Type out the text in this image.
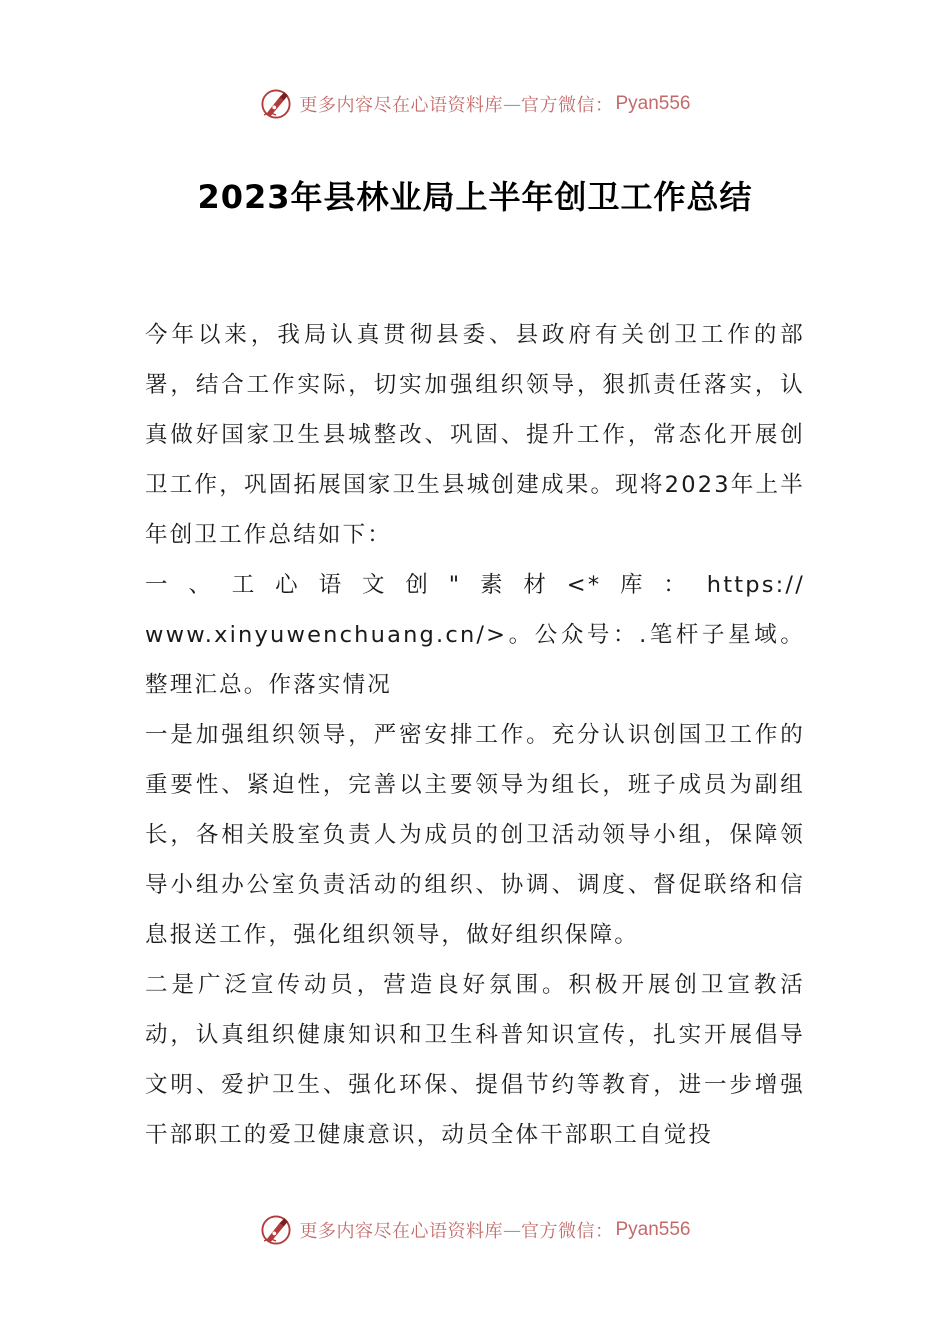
更多内容尽在心语资料库 — 官方微信： Pyan556
2023年县林业局上半年创卫工作总结

今年以来，我局认真贯彻县委、县政府有关创卫工作的部署，结合工作实际，切实加强组织领导，狠抓责任落实，认真做好国家卫生县城整改、巩固、提升工作，常态化开展创卫工作，巩固拓展国家卫生县城创建成果。现将2023年上半年创卫工作总结如下：

一、工心语文创"素材<*库：https://

www.xinyuwenchuang.cn/>。公众号：.笔杆子星域。整理汇总。作落实情况

一是加强组织领导，严密安排工作。充分认识创国卫工作的重要性、紧迫性，完善以主要领导为组长，班子成员为副组长，各相关股室负责人为成员的创卫活动领导小组，保障领导小组办公室负责活动的组织、协调、调度、督促联络和信息报送工作，强化组织领导，做好组织保障。

二是广泛宣传动员，营造良好氛围。积极开展创卫宣教活动，认真组织健康知识和卫生科普知识宣传，扎实开展倡导文明、爱护卫生、强化环保、提倡节约等教育，进一步增强干部职工的爱卫健康意识，动员全体干部职工自觉投

更多内容尽在心语资料库 — 官方微信： Pyan556
